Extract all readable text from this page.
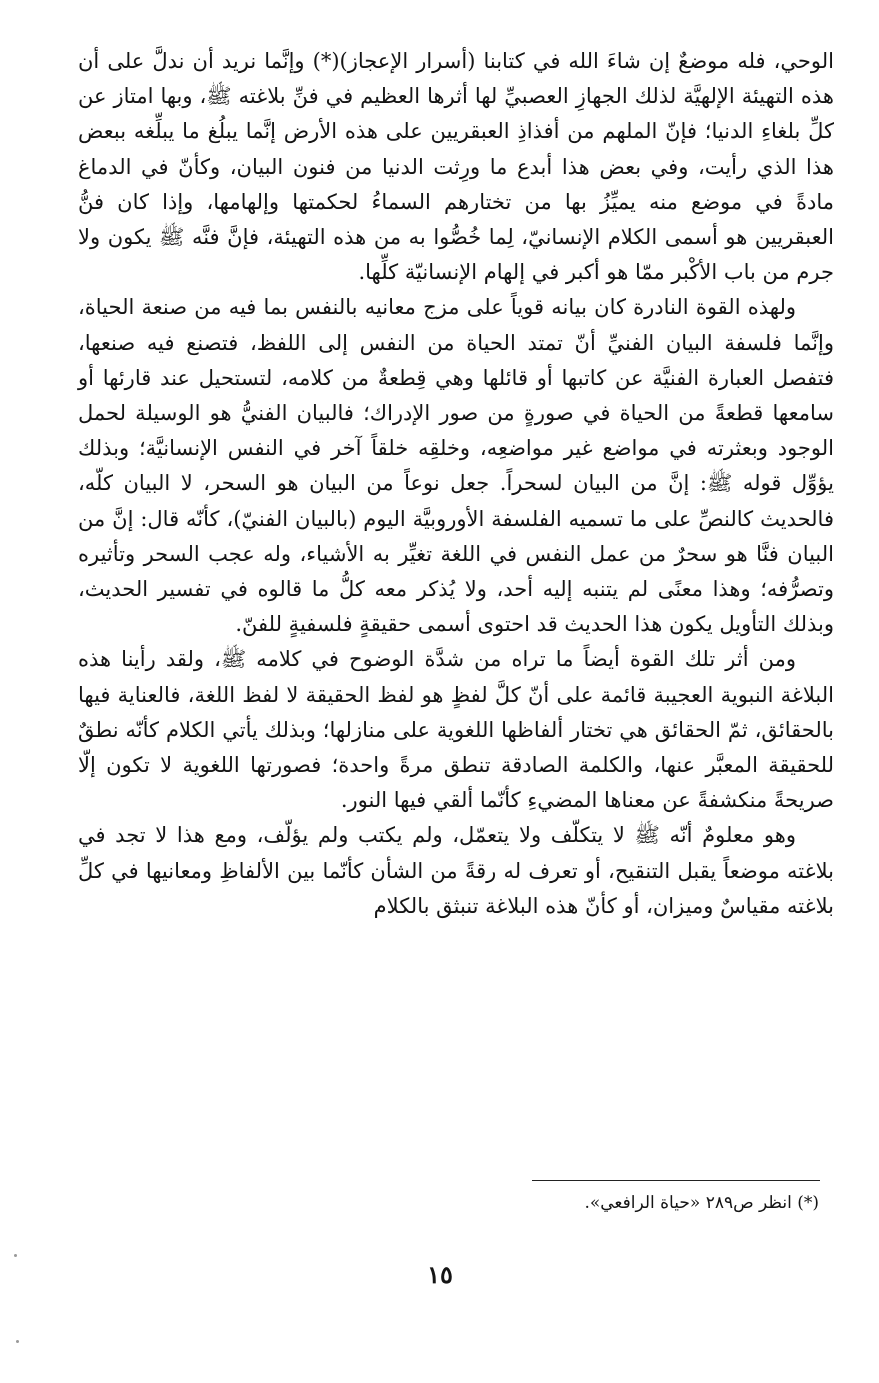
الوحي، فله موضعٌ إن شاءَ الله في كتابنا (أسرار الإعجاز)(*) وإنَّما نريد أن ندلَّ على أن هذه التهيئة الإلهيَّة لذلك الجهازِ العصبيِّ لها أثرها العظيم في فنِّ بلاغته ﷺ، وبها امتاز عن كلِّ بلغاءِ الدنيا؛ فإنّ الملهم من أفذاذِ العبقريين على هذه الأرض إنَّما يبلُغ ما يبلِّغه ببعض هذا الذي رأيت، وفي بعض هذا أبدع ما ورِثت الدنيا من فنون البيان، وكأنّ في الدماغ مادةً في موضع منه يميِّزُ بها من تختارهم السماءُ لحكمتها وإلهامها، وإذا كان فنُّ العبقريين هو أسمى الكلام الإنسانيّ، لِما خُصُّوا به من هذه التهيئة، فإنَّ فنَّه ﷺ يكون ولا جرم من باب الأكْبر ممّا هو أكبر في إلهام الإنسانيّة كلِّها.

ولهذه القوة النادرة كان بيانه قوياً على مزج معانيه بالنفس بما فيه من صنعة الحياة، وإنَّما فلسفة البيان الفنيِّ أنّ تمتد الحياة من النفس إلى اللفظ، فتصنع فيه صنعها، فتفصل العبارة الفنيَّة عن كاتبها أو قائلها وهي قِطعةٌ من كلامه، لتستحيل عند قارئها أو سامعها قطعةً من الحياة في صورةٍ من صور الإدراك؛ فالبيان الفنيُّ هو الوسيلة لحمل الوجود وبعثرته في مواضع غير مواضعِه، وخلقِه خلقاً آخر في النفس الإنسانيَّة؛ وبذلك يؤوِّل قوله ﷺ: إنَّ من البيان لسحراً. جعل نوعاً من البيان هو السحر، لا البيان كلّه، فالحديث كالنصِّ على ما تسميه الفلسفة الأوروبيَّة اليوم (بالبيان الفنيّ)، كأنّه قال: إنَّ من البيان فنَّا هو سحرٌ من عمل النفس في اللغة تغيِّر به الأشياء، وله عجب السحر وتأثيره وتصرُّفه؛ وهذا معنًى لم يتنبه إليه أحد، ولا يُذكر معه كلُّ ما قالوه في تفسير الحديث، وبذلك التأويل يكون هذا الحديث قد احتوى أسمى حقيقةٍ فلسفيةٍ للفنّ.

ومن أثر تلك القوة أيضاً ما تراه من شدَّة الوضوح في كلامه ﷺ، ولقد رأينا هذه البلاغة النبوية العجيبة قائمة على أنّ كلَّ لفظٍ هو لفظ الحقيقة لا لفظ اللغة، فالعناية فيها بالحقائق، ثمّ الحقائق هي تختار ألفاظها اللغوية على منازلها؛ وبذلك يأتي الكلام كأنّه نطقٌ للحقيقة المعبَّر عنها، والكلمة الصادقة تنطق مرةً واحدة؛ فصورتها اللغوية لا تكون إلّا صريحةً منكشفةً عن معناها المضيءِ كأنّما ألقي فيها النور.

وهو معلومٌ أنّه ﷺ لا يتكلّف ولا يتعمّل، ولم يكتب ولم يؤلّف، ومع هذا لا تجد في بلاغته موضعاً يقبل التنقيح، أو تعرف له رقةً من الشأن كأنّما بين الألفاظِ ومعانيها في كلِّ بلاغته مقياسٌ وميزان، أو كأنّ هذه البلاغة تنبثق بالكلام

(*) انظر ص٢٨٩ «حياة الرافعي».
١٥
